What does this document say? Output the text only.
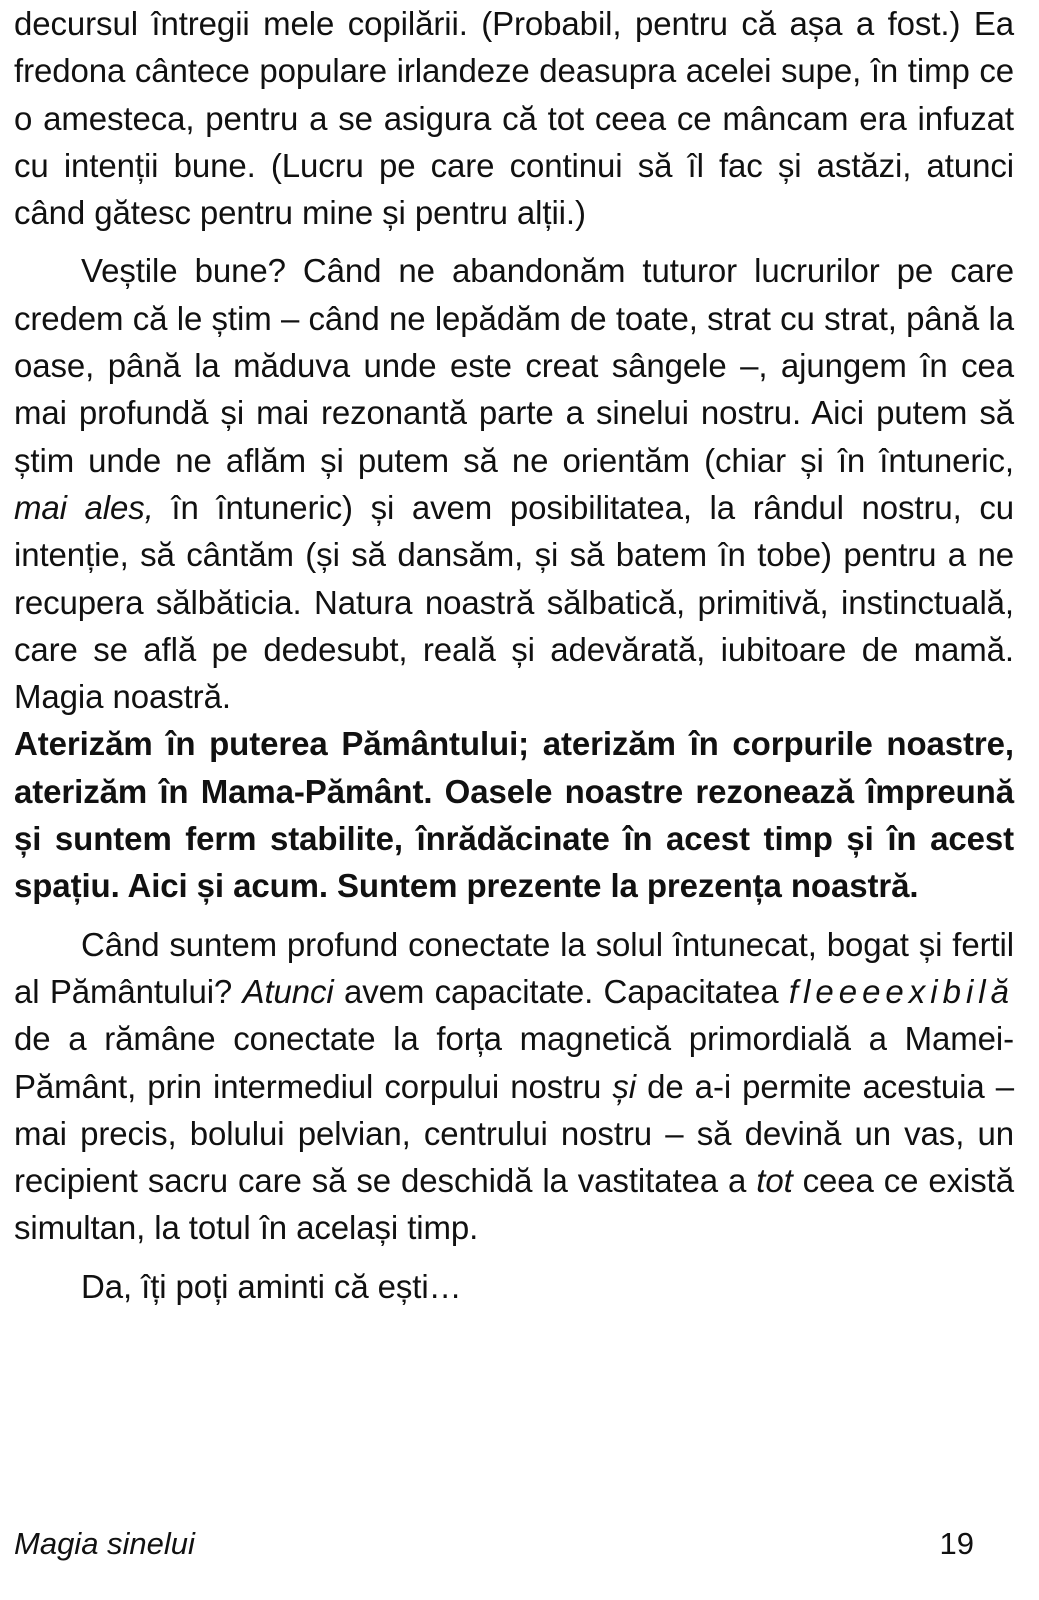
decursul întregii mele copilării. (Probabil, pentru că așa a fost.) Ea fredona cântece populare irlandeze deasupra acelei supe, în timp ce o amesteca, pentru a se asigura că tot ceea ce mâncam era infuzat cu intenții bune. (Lucru pe care continui să îl fac și astăzi, atunci când gătesc pentru mine și pentru alții.)

Veștile bune? Când ne abandonăm tuturor lucrurilor pe care credem că le știm – când ne lepădăm de toate, strat cu strat, până la oase, până la măduva unde este creat sângele –, ajungem în cea mai profundă și mai rezonantă parte a sinelui nostru. Aici putem să știm unde ne aflăm și putem să ne orientăm (chiar și în întuneric, mai ales, în întuneric) și avem posibilitatea, la rândul nostru, cu intenție, să cântăm (și să dansăm, și să batem în tobe) pentru a ne recupera sălbăticia. Natura noastră sălbatică, primitivă, instinctuală, care se află pe dedesubt, reală și adevărată, iubitoare de mamă. Magia noastră.

Aterizăm în puterea Pământului; aterizăm în corpurile noastre, aterizăm în Mama-Pământ. Oasele noastre rezonează împreună și suntem ferm stabilite, înrădăcinate în acest timp și în acest spațiu. Aici și acum. Suntem prezente la prezența noastră.

Când suntem profund conectate la solul întunecat, bogat și fertil al Pământului? Atunci avem capacitate. Capacitatea fleeeexibilă de a rămâne conectate la forța magnetică primordială a Mamei-Pământ, prin intermediul corpului nostru și de a-i permite acestuia – mai precis, bolului pelvian, centrului nostru – să devină un vas, un recipient sacru care să se deschidă la vastitatea a tot ceea ce există simultan, la totul în același timp.

Da, îți poți aminti că ești…

Magia sinelui	19
